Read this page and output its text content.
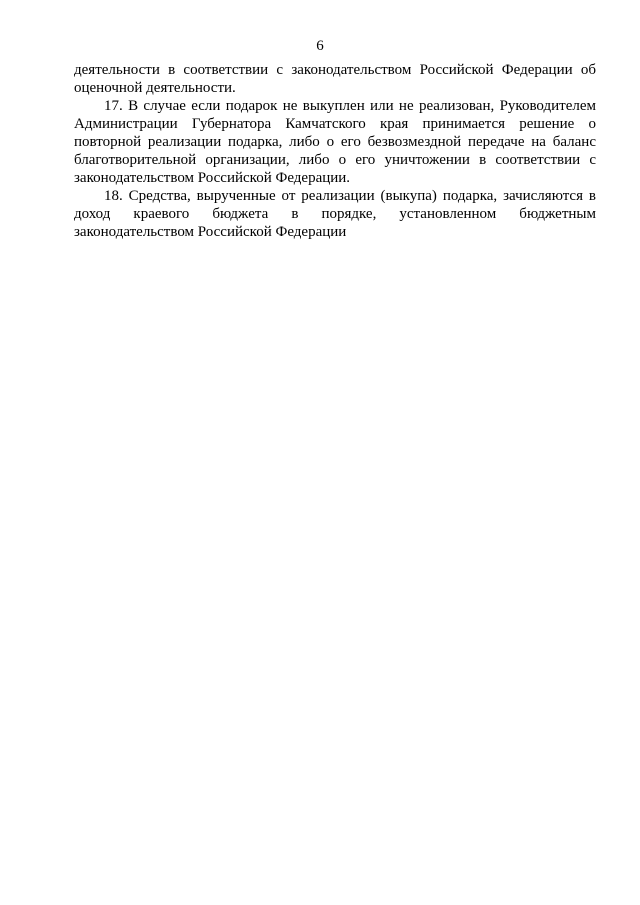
6

деятельности в соответствии с законодательством Российской Федерации об оценочной деятельности.

17. В случае если подарок не выкуплен или не реализован, Руководителем Администрации Губернатора Камчатского края принимается решение о повторной реализации подарка, либо о его безвозмездной передаче на баланс благотворительной организации, либо о его уничтожении в соответствии с законодательством Российской Федерации.

18. Средства, вырученные от реализации (выкупа) подарка, зачисляются в доход краевого бюджета в порядке, установленном бюджетным законодательством Российской Федерации
